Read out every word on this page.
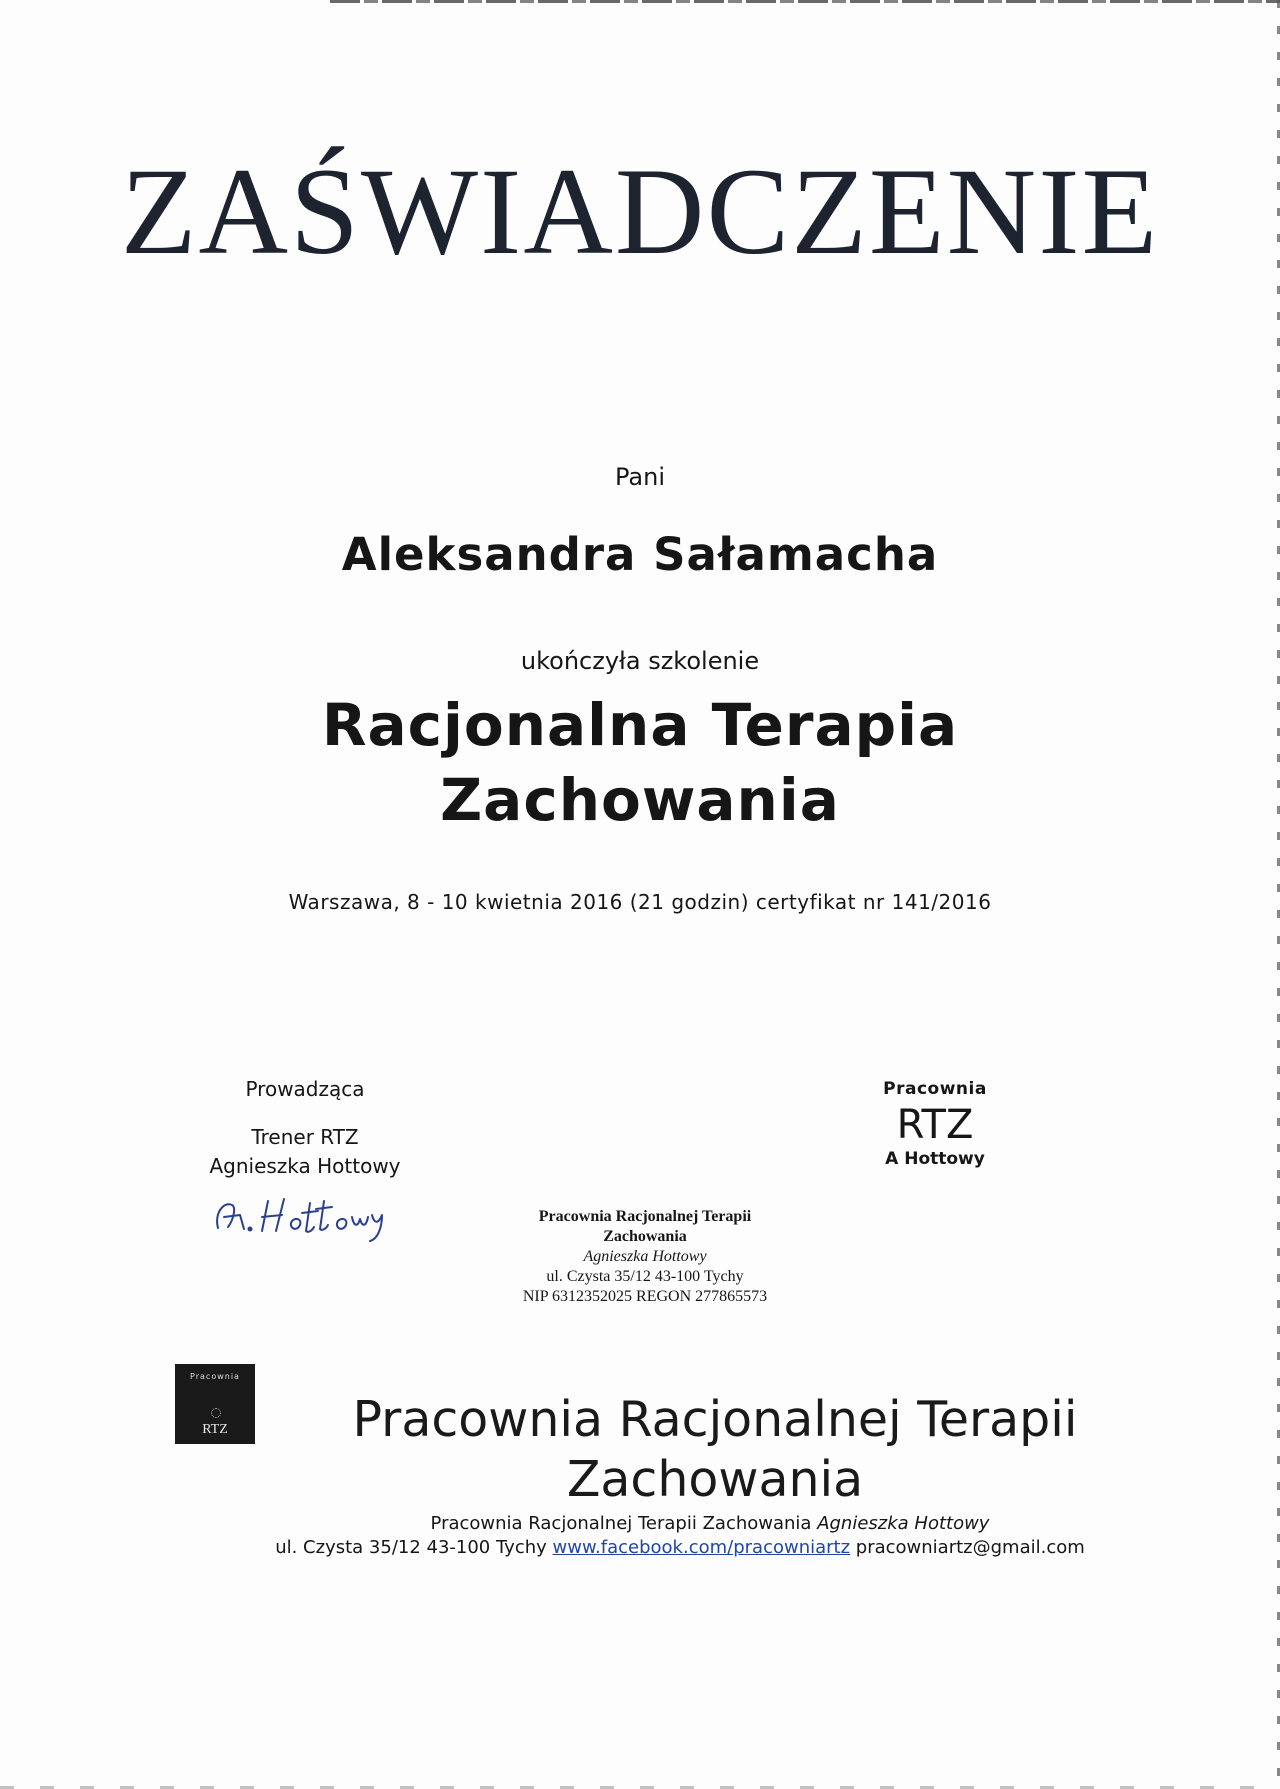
ZAŚWIADCZENIE
Pani
Aleksandra Sałamacha
ukończyła szkolenie
Racjonalna Terapia
Zachowania
Warszawa, 8 - 10 kwietnia 2016 (21 godzin) certyfikat nr 141/2016
Prowadząca
Trener RTZ
Agnieszka Hottowy
Pracownia
RTZ
A Hottowy
Pracownia Racjonalnej Terapii
Zachowania
Agnieszka Hottowy
ul. Czysta 35/12 43-100 Tychy
NIP 6312352025 REGON 277865573
Pracownia
RTZ	Pracownia Racjonalnej Terapii
Zachowania
Pracownia Racjonalnej Terapii Zachowania Agnieszka Hottowy
ul. Czysta 35/12 43-100 Tychy www.facebook.com/pracowniartz pracowniartz@gmail.com
